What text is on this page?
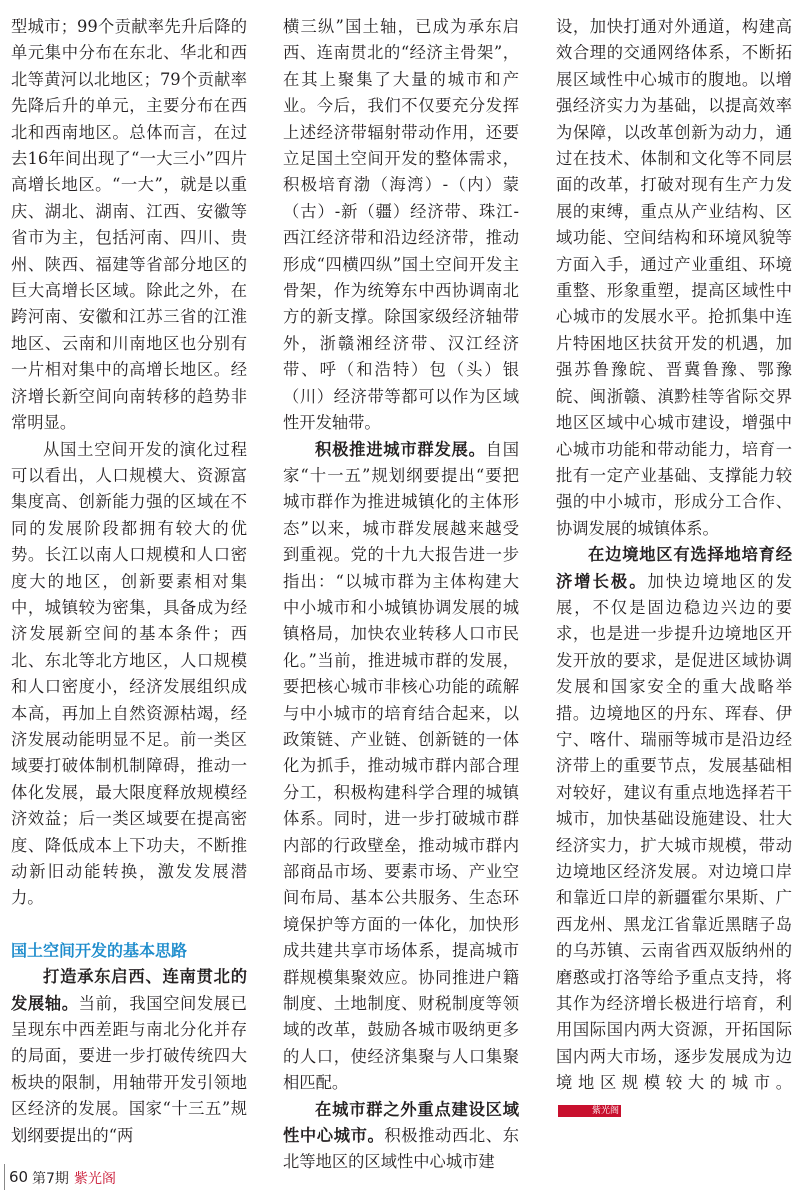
型城市；99个贡献率先升后降的单元集中分布在东北、华北和西北等黄河以北地区；79个贡献率先降后升的单元，主要分布在西北和西南地区。总体而言，在过去16年间出现了“一大三小”四片高增长地区。“一大”，就是以重庆、湖北、湖南、江西、安徽等省市为主，包括河南、四川、贵州、陕西、福建等省部分地区的巨大高增长区域。除此之外，在跨河南、安徽和江苏三省的江淮地区、云南和川南地区也分别有一片相对集中的高增长地区。经济增长新空间向南转移的趋势非常明显。

从国土空间开发的演化过程可以看出，人口规模大、资源富集度高、创新能力强的区域在不同的发展阶段都拥有较大的优势。长江以南人口规模和人口密度大的地区，创新要素相对集中，城镇较为密集，具备成为经济发展新空间的基本条件；西北、东北等北方地区，人口规模和人口密度小，经济发展组织成本高，再加上自然资源枯竭，经济发展动能明显不足。前一类区域要打破体制机制障碍，推动一体化发展，最大限度释放规模经济效益；后一类区域要在提高密度、降低成本上下功夫，不断推动新旧动能转换，激发发展潜力。

国土空间开发的基本思路

打造承东启西、连南贯北的发展轴。当前，我国空间发展已呈现东中西差距与南北分化并存的局面，要进一步打破传统四大板块的限制，用轴带开发引领地区经济的发展。国家“十三五”规划纲要提出的“两

横三纵”国土轴，已成为承东启西、连南贯北的“经济主骨架”，在其上聚集了大量的城市和产业。今后，我们不仅要充分发挥上述经济带辐射带动作用，还要立足国土空间开发的整体需求，积极培育渤（海湾）-（内）蒙（古）-新（疆）经济带、珠江-西江经济带和沿边经济带，推动形成“四横四纵”国土空间开发主骨架，作为统筹东中西协调南北方的新支撑。除国家级经济轴带外，浙赣湘经济带、汉江经济带、呼（和浩特）包（头）银（川）经济带等都可以作为区域性开发轴带。

积极推进城市群发展。自国家“十一五”规划纲要提出“要把城市群作为推进城镇化的主体形态”以来，城市群发展越来越受到重视。党的十九大报告进一步指出：“以城市群为主体构建大中小城市和小城镇协调发展的城镇格局，加快农业转移人口市民化。”当前，推进城市群的发展，要把核心城市非核心功能的疏解与中小城市的培育结合起来，以政策链、产业链、创新链的一体化为抓手，推动城市群内部合理分工，积极构建科学合理的城镇体系。同时，进一步打破城市群内部的行政壁垒，推动城市群内部商品市场、要素市场、产业空间布局、基本公共服务、生态环境保护等方面的一体化，加快形成共建共享市场体系，提高城市群规模集聚效应。协同推进户籍制度、土地制度、财税制度等领域的改革，鼓励各城市吸纳更多的人口，使经济集聚与人口集聚相匹配。

在城市群之外重点建设区域性中心城市。积极推动西北、东北等地区的区域性中心城市建

设，加快打通对外通道，构建高效合理的交通网络体系，不断拓展区域性中心城市的腹地。以增强经济实力为基础，以提高效率为保障，以改革创新为动力，通过在技术、体制和文化等不同层面的改革，打破对现有生产力发展的束缚，重点从产业结构、区域功能、空间结构和环境风貌等方面入手，通过产业重组、环境重整、形象重塑，提高区域性中心城市的发展水平。抢抓集中连片特困地区扶贫开发的机遇，加强苏鲁豫皖、晋冀鲁豫、鄂豫皖、闽浙赣、滇黔桂等省际交界地区区域中心城市建设，增强中心城市功能和带动能力，培育一批有一定产业基础、支撑能力较强的中小城市，形成分工合作、协调发展的城镇体系。

在边境地区有选择地培育经济增长极。加快边境地区的发展，不仅是固边稳边兴边的要求，也是进一步提升边境地区开发开放的要求，是促进区域协调发展和国家安全的重大战略举措。边境地区的丹东、珲春、伊宁、喀什、瑞丽等城市是沿边经济带上的重要节点，发展基础相对较好，建议有重点地选择若干城市，加快基础设施建设、壮大经济实力，扩大城市规模，带动边境地区经济发展。对边境口岸和靠近口岸的新疆霍尔果斯、广西龙州、黑龙江省靠近黑瞎子岛的乌苏镇、云南省西双版纳州的磨憨或打洛等给予重点支持，将其作为经济增长极进行培育，利用国际国内两大资源，开拓国际国内两大市场，逐步发展成为边境地区规模较大的城市。紫光阁

60 第7期 紫光阁
